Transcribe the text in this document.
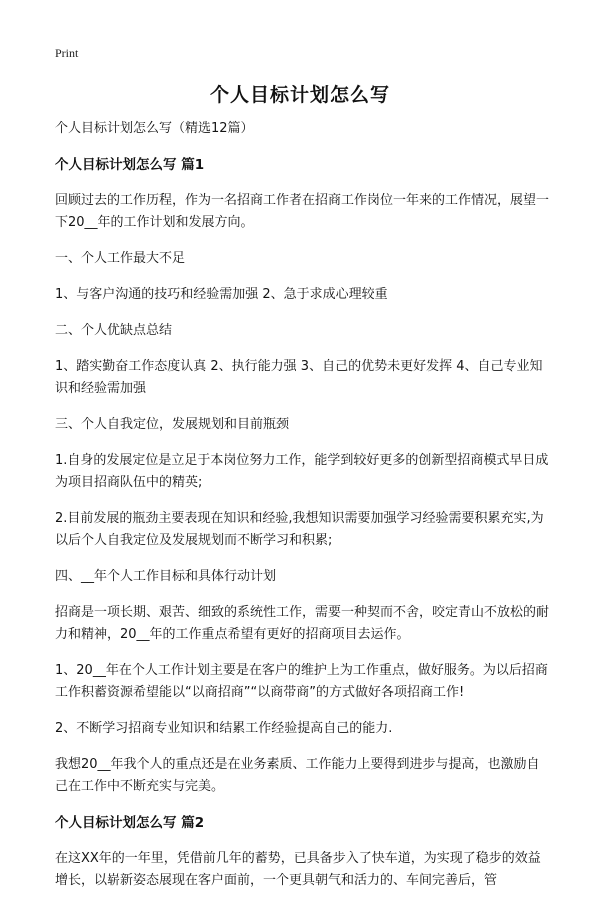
Print
个人目标计划怎么写

个人目标计划怎么写（精选12篇）

个人目标计划怎么写 篇1

回顾过去的工作历程，作为一名招商工作者在招商工作岗位一年来的工作情况，展望一下20__年的工作计划和发展方向。

一、个人工作最大不足

1、与客户沟通的技巧和经验需加强 2、急于求成心理较重

二、个人优缺点总结

1、踏实勤奋工作态度认真 2、执行能力强 3、自己的优势未更好发挥 4、自己专业知识和经验需加强

三、个人自我定位，发展规划和目前瓶颈

1.自身的发展定位是立足于本岗位努力工作，能学到较好更多的创新型招商模式早日成为项目招商队伍中的精英;

2.目前发展的瓶劲主要表现在知识和经验,我想知识需要加强学习经验需要积累充实,为以后个人自我定位及发展规划而不断学习和积累;

四、__年个人工作目标和具体行动计划

招商是一项长期、艰苦、细致的系统性工作，需要一种契而不舍，咬定青山不放松的耐力和精神，20__年的工作重点希望有更好的招商项目去运作。

1、20__年在个人工作计划主要是在客户的维护上为工作重点，做好服务。为以后招商工作积蓄资源希望能以“以商招商”“以商带商”的方式做好各项招商工作!

2、不断学习招商专业知识和结累工作经验提高自己的能力.

我想20__年我个人的重点还是在业务素质、工作能力上要得到进步与提高，也激励自己在工作中不断充实与完美。

个人目标计划怎么写 篇2

在这XX年的一年里，凭借前几年的蓄势，已具备步入了快车道，为实现了稳步的效益增长，以崭新姿态展现在客户面前，一个更具朝气和活力的、车间完善后，管
